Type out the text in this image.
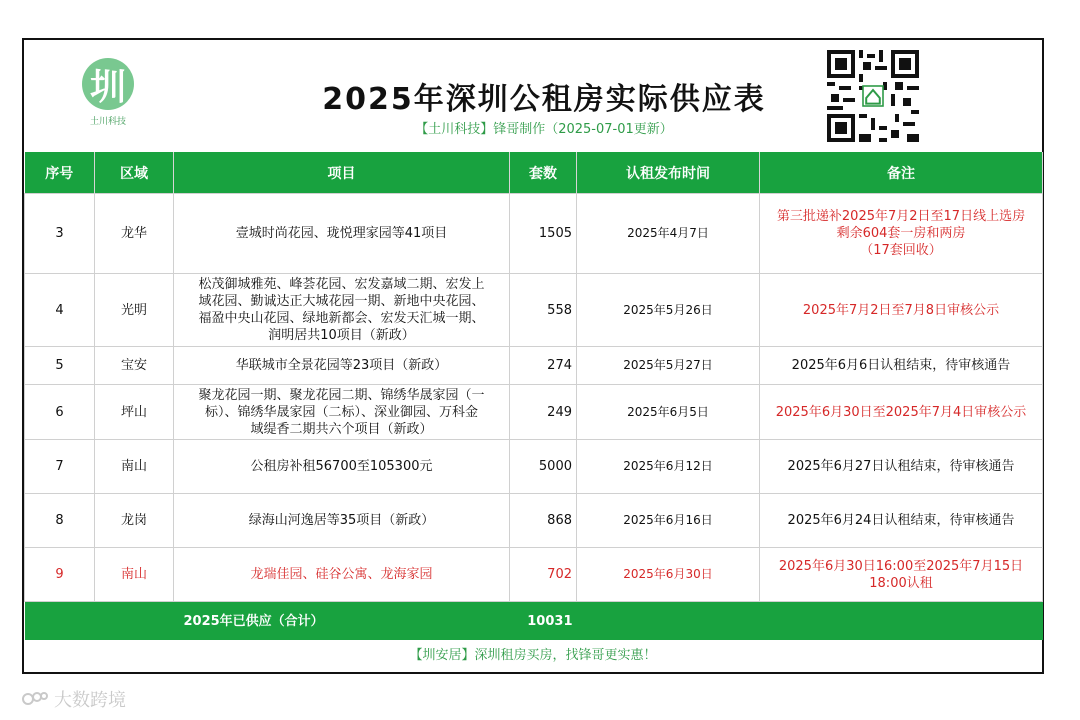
圳
土川科技
2025年深圳公租房实际供应表
【土川科技】锋哥制作（2025-07-01更新）
序号	区域	项目	套数	认租发布时间	备注
3	龙华	壹城时尚花园、珑悦理家园等41项目	1505	2025年4月7日	第三批递补2025年7月2日至17日线上选房
剩余604套一房和两房
（17套回收）

4	光明	松茂御城雅苑、峰荟花园、宏发嘉域二期、宏发上
域花园、勤诚达正大城花园一期、新地中央花园、
福盈中央山花园、绿地新都会、宏发天汇城一期、
润明居共10项目（新政）	558	2025年5月26日	2025年7月2日至7月8日审核公示
5	宝安	华联城市全景花园等23项目（新政）	274	2025年5月27日	2025年6月6日认租结束，待审核通告
6	坪山	聚龙花园一期、聚龙花园二期、锦绣华晟家园（一
标）、锦绣华晟家园（二标）、深业御园、万科金
域缇香二期共六个项目（新政）	249	2025年6月5日	2025年6月30日至2025年7月4日审核公示
7	南山	公租房补租56700至105300元	5000	2025年6月12日	2025年6月27日认租结束，待审核通告
8	龙岗	绿海山河逸居等35项目（新政）	868	2025年6月16日	2025年6月24日认租结束，待审核通告
9	南山	龙瑞佳园、硅谷公寓、龙海家园	702	2025年6月30日	2025年6月30日16:00至2025年7月15日
18:00认租

		2025年已供应（合计）	10031		
【圳安居】深圳租房买房，找锋哥更实惠！
大数跨境
